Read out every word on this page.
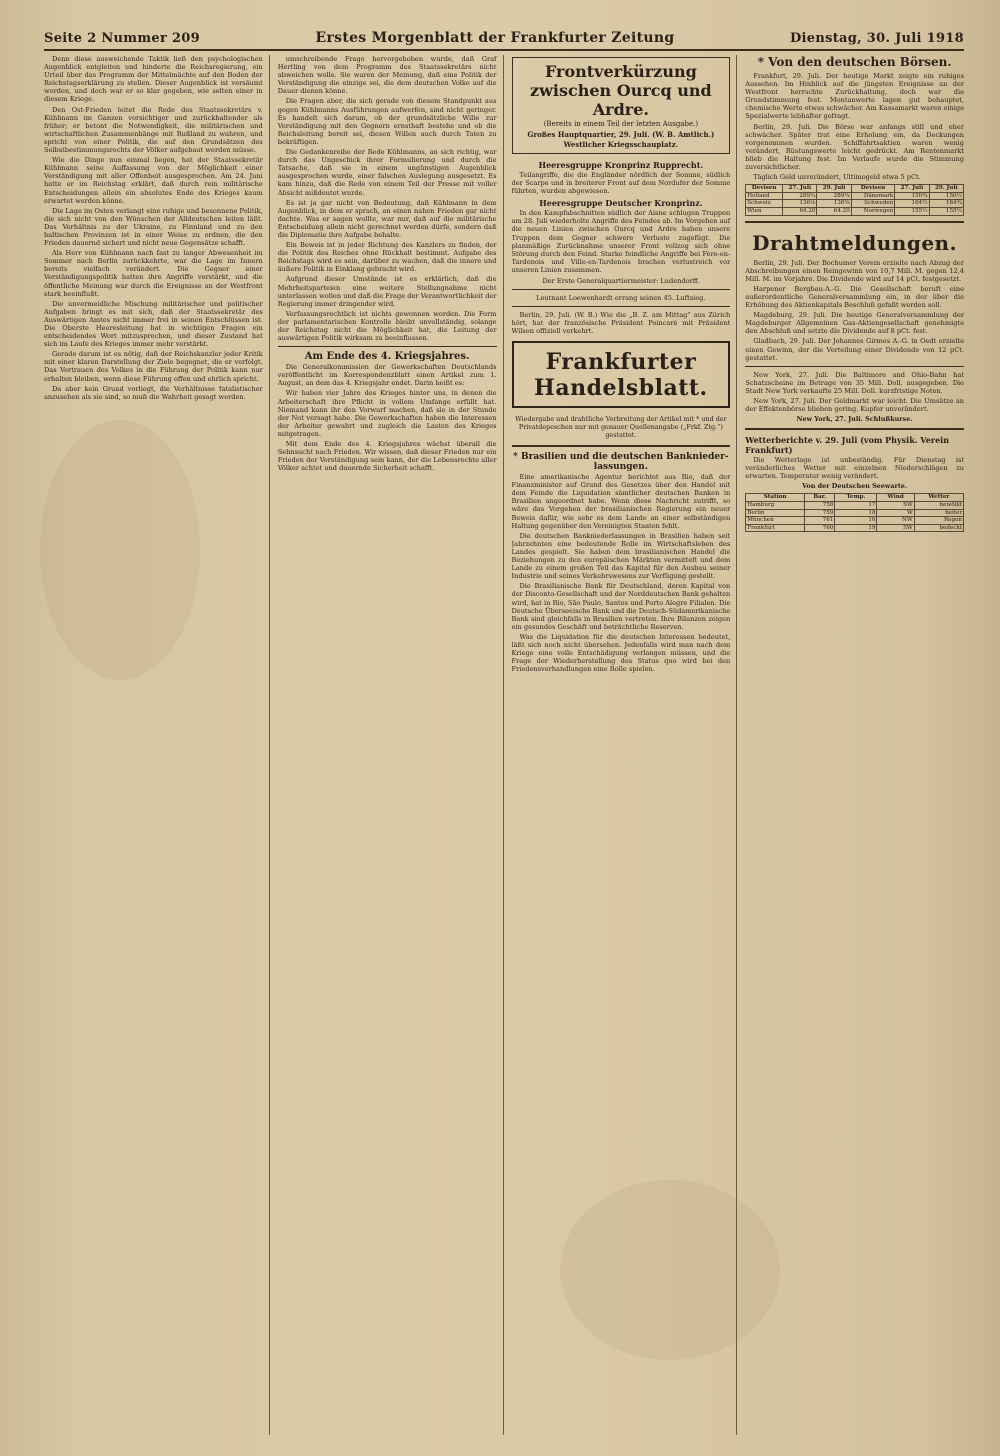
Seite 2 Nummer 209	Erstes Morgenblatt der Frankfurter Zeitung	Dienstag, 30. Juli 1918

Denn diese ausweichende Taktik ließ den psychologischen Augenblick entgleiten und hinderte die Reichsregierung, ein Urteil über das Programm der Mittelmächte auf den Boden der Reichstagserklärung zu stellen. Dieser Augenblick ist versäumt worden, und doch war er so klar gegeben, wie selten einer in diesem Kriege.

Den Ost-Frieden leitet die Rede des Staatssekretärs v. Kühlmann im Ganzen vorsichtiger und zurückhaltender als früher; er betont die Notwendigkeit, die militärischen und wirtschaftlichen Zusammenhänge mit Rußland zu wahren, und spricht von einer Politik, die auf den Grundsätzen des Selbstbestimmungsrechts der Völker aufgebaut werden müsse.

Wie die Dinge nun einmal liegen, hat der Staatssekretär Kühlmann seine Auffassung von der Möglichkeit einer Verständigung mit aller Offenheit ausgesprochen. Am 24. Juni hatte er im Reichstag erklärt, daß durch rein militärische Entscheidungen allein ein absolutes Ende des Krieges kaum erwartet werden könne.

Die Lage im Osten verlangt eine ruhige und besonnene Politik, die sich nicht von den Wünschen der Alldeutschen leiten läßt. Das Verhältnis zu der Ukraine, zu Finnland und zu den baltischen Provinzen ist in einer Weise zu ordnen, die den Frieden dauernd sichert und nicht neue Gegensätze schafft.

Als Herr von Kühlmann nach fast zu langer Abwesenheit im Sommer nach Berlin zurückkehrte, war die Lage im Innern bereits vielfach verändert. Die Gegner einer Verständigungspolitik hatten ihre Angriffe verstärkt, und die öffentliche Meinung war durch die Ereignisse an der Westfront stark beeinflußt.

Die unvermeidliche Mischung militärischer und politischer Aufgaben bringt es mit sich, daß der Staatssekretär des Auswärtigen Amtes nicht immer frei in seinen Entschlüssen ist. Die Oberste Heeresleitung hat in wichtigen Fragen ein entscheidendes Wort mitzusprechen, und dieser Zustand hat sich im Laufe des Krieges immer mehr verstärkt.

Gerade darum ist es nötig, daß der Reichskanzler jeder Kritik mit einer klaren Darstellung der Ziele begegnet, die er verfolgt. Das Vertrauen des Volkes in die Führung der Politik kann nur erhalten bleiben, wenn diese Führung offen und ehrlich spricht.

Da aber kein Grund vorliegt, die Verhältnisse fatalistischer anzusehen als sie sind, so muß die Wahrheit gesagt werden.

umschreibende Frage hervorgehoben wurde, daß Graf Hertling von dem Programm des Staatssekretärs nicht abweichen wolle. Sie waren der Meinung, daß eine Politik der Verständigung die einzige sei, die dem deutschen Volke auf die Dauer dienen könne.

Die Fragen aber, die sich gerade von diesem Standpunkt aus gegen Kühlmanns Ausführungen aufwerfen, sind nicht geringer. Es handelt sich darum, ob der grundsätzliche Wille zur Verständigung mit den Gegnern ernsthaft bestehe und ob die Reichsleitung bereit sei, diesen Willen auch durch Taten zu bekräftigen.

Die Gedankenreihe der Rede Kühlmanns, an sich richtig, war durch das Ungeschick ihrer Formulierung und durch die Tatsache, daß sie in einem ungünstigen Augenblick ausgesprochen wurde, einer falschen Auslegung ausgesetzt. Es kam hinzu, daß die Rede von einem Teil der Presse mit voller Absicht mißdeutet wurde.

Es ist ja gar nicht von Bedeutung, daß Kühlmann in dem Augenblick, in dem er sprach, an einen nahen Frieden gar nicht dachte. Was er sagen wollte, war nur, daß auf die militärische Entscheidung allein nicht gerechnet werden dürfe, sondern daß die Diplomatie ihre Aufgabe behalte.

Ein Beweis ist in jeder Richtung des Kanzlers zu finden, der die Politik des Reiches ohne Rückhalt bestimmt. Aufgabe des Reichstags wird es sein, darüber zu wachen, daß die innere und äußere Politik in Einklang gebracht wird.

Aufgrund dieser Umstände ist es erklärlich, daß die Mehrheitsparteien eine weitere Stellungnahme nicht unterlassen wollen und daß die Frage der Verantwortlichkeit der Regierung immer dringender wird.

Verfassungsrechtlich ist nichts gewonnen worden. Die Form der parlamentarischen Kontrolle bleibt unvollständig, solange der Reichstag nicht die Möglichkeit hat, die Leitung der auswärtigen Politik wirksam zu beeinflussen.

Am Ende des 4. Kriegsjahres.

Die Generalkommission der Gewerkschaften Deutschlands veröffentlicht im Korrespondenzblatt einen Artikel zum 1. August, an dem das 4. Kriegsjahr endet. Darin heißt es:

Wir haben vier Jahre des Krieges hinter uns, in denen die Arbeiterschaft ihre Pflicht in vollem Umfange erfüllt hat. Niemand kann ihr den Vorwurf machen, daß sie in der Stunde der Not versagt habe. Die Gewerkschaften haben die Interessen der Arbeiter gewahrt und zugleich die Lasten des Krieges mitgetragen.

Mit dem Ende des 4. Kriegsjahres wächst überall die Sehnsucht nach Frieden. Wir wissen, daß dieser Frieden nur ein Frieden der Verständigung sein kann, der die Lebensrechte aller Völker achtet und dauernde Sicherheit schafft.

Frontverkürzung zwischen Ourcq und Ardre.

(Bereits in einem Teil der letzten Ausgabe.)

Großes Hauptquartier, 29. Juli. (W. B. Amtlich.)

Westlicher Kriegsschauplatz.

Heeresgruppe Kronprinz Rupprecht.

Teilangriffe, die die Engländer nördlich der Somme, südlich der Scarpe und in breiterer Front auf dem Nordufer der Somme führten, wurden abgewiesen.

Heeresgruppe Deutscher Kronprinz.

In den Kampfabschnitten südlich der Aisne schlugen Truppen am 28. Juli wiederholte Angriffe des Feindes ab. Im Vorgehen auf die neuen Linien zwischen Ourcq und Ardre haben unsere Truppen dem Gegner schwere Verluste zugefügt. Die planmäßige Zurücknahme unserer Front vollzog sich ohne Störung durch den Feind. Starke feindliche Angriffe bei Fère-en-Tardenois und Ville-en-Tardenois brachen verlustreich vor unseren Linien zusammen.

Der Erste Generalquartiermeister: Ludendorff.

Leutnant Loewenhardt errang seinen 45. Luftsieg.

Berlin, 29. Juli. (W. B.) Wie die „B. Z. am Mittag“ aus Zürich hört, hat der französische Präsident Poincaré mit Präsident Wilson offiziell verkehrt.

Frankfurter Handelsblatt.

Wiedergabe und drahtliche Verbreitung der Artikel mit * und der Privatdepeschen nur mit genauer Quellenangabe („Frkf. Ztg.“) gestattet.

* Brasilien und die deutschen Banknieder-lassungen.

Eine amerikanische Agentur berichtet aus Rio, daß der Finanzminister auf Grund des Gesetzes über den Handel mit dem Feinde die Liquidation sämtlicher deutschen Banken in Brasilien angeordnet habe. Wenn diese Nachricht zutrifft, so wäre das Vorgehen der brasilianischen Regierung ein neuer Beweis dafür, wie sehr es dem Lande an einer selbständigen Haltung gegenüber den Vereinigten Staaten fehlt.

Die deutschen Bankniederlassungen in Brasilien haben seit Jahrzehnten eine bedeutende Rolle im Wirtschaftsleben des Landes gespielt. Sie haben dem brasilianischen Handel die Beziehungen zu den europäischen Märkten vermittelt und dem Lande zu einem großen Teil das Kapital für den Ausbau seiner Industrie und seines Verkehrswesens zur Verfügung gestellt.

Die Brasilianische Bank für Deutschland, deren Kapital von der Disconto-Gesellschaft und der Norddeutschen Bank gehalten wird, hat in Rio, São Paulo, Santos und Porto Alegre Filialen. Die Deutsche Überseeische Bank und die Deutsch-Südamerikanische Bank sind gleichfalls in Brasilien vertreten. Ihre Bilanzen zeigen ein gesundes Geschäft und beträchtliche Reserven.

Was die Liquidation für die deutschen Interessen bedeutet, läßt sich noch nicht übersehen. Jedenfalls wird man nach dem Kriege eine volle Entschädigung verlangen müssen, und die Frage der Wiederherstellung des Status quo wird bei den Friedensverhandlungen eine Rolle spielen.

* Von den deutschen Börsen.

Frankfurt, 29. Juli. Der heutige Markt zeigte ein ruhiges Aussehen. Im Hinblick auf die jüngsten Ereignisse an der Westfront herrschte Zurückhaltung, doch war die Grundstimmung fest. Montanwerte lagen gut behauptet, chemische Werte etwas schwächer. Am Kassamarkt waren einige Spezialwerte lebhafter gefragt.

Berlin, 29. Juli. Die Börse war anfangs still und eher schwächer. Später trat eine Erholung ein, da Deckungen vorgenommen wurden. Schiffahrtsaktien waren wenig verändert, Rüstungswerte leicht gedrückt. Am Rentenmarkt blieb die Haltung fest. Im Verlaufe wurde die Stimmung zuversichtlicher.

Täglich Geld unverändert, Ultimogeld etwa 5 pCt.

Devisen	27. Juli	29. Juli	Devisen	27. Juli	29. Juli
Holland	289¼	289¾	Dänemark	150¾	150½
Schweiz	136⅛	136⅜	Schweden	164½	164¾
Wien	64.20	64.20	Norwegen	155½	155½
Drahtmeldungen.

Berlin, 29. Juli. Der Bochumer Verein erzielte nach Abzug der Abschreibungen einen Reingewinn von 10,7 Mill. M. gegen 12,4 Mill. M. im Vorjahre. Die Dividende wird auf 14 pCt. festgesetzt.

Harpener Bergbau-A.-G. Die Gesellschaft beruft eine außerordentliche Generalversammlung ein, in der über die Erhöhung des Aktienkapitals Beschluß gefaßt werden soll.

Magdeburg, 29. Juli. Die heutige Generalversammlung der Magdeburger Allgemeinen Gas-Aktiengesellschaft genehmigte den Abschluß und setzte die Dividende auf 8 pCt. fest.

Gladbach, 29. Juli. Der Johannes Girmes A.-G. in Oedt erzielte einen Gewinn, der die Verteilung einer Dividende von 12 pCt. gestattet.

New York, 27. Juli. Die Baltimore and Ohio-Bahn hat Schatzscheine im Betrage von 35 Mill. Doll. ausgegeben. Die Stadt New York verkaufte 25 Mill. Doll. kurzfristige Noten.

New York, 27. Juli. Der Geldmarkt war leicht. Die Umsätze an der Effektenbörse blieben gering. Kupfer unverändert.

New York, 27. Juli. Schlußkurse.

Wetterberichte v. 29. Juli (vom Physik. Verein Frankfurt)

Die Wetterlage ist unbeständig. Für Dienstag ist veränderliches Wetter mit einzelnen Niederschlägen zu erwarten. Temperatur wenig verändert.

Von der Deutschen Seewarte.

Station	Bar.	Temp.	Wind	Wetter
Hamburg	758	17	SW	bewölkt
Berlin	759	18	W	heiter
München	761	16	NW	Regen
Frankfurt	760	19	SW	bedeckt
